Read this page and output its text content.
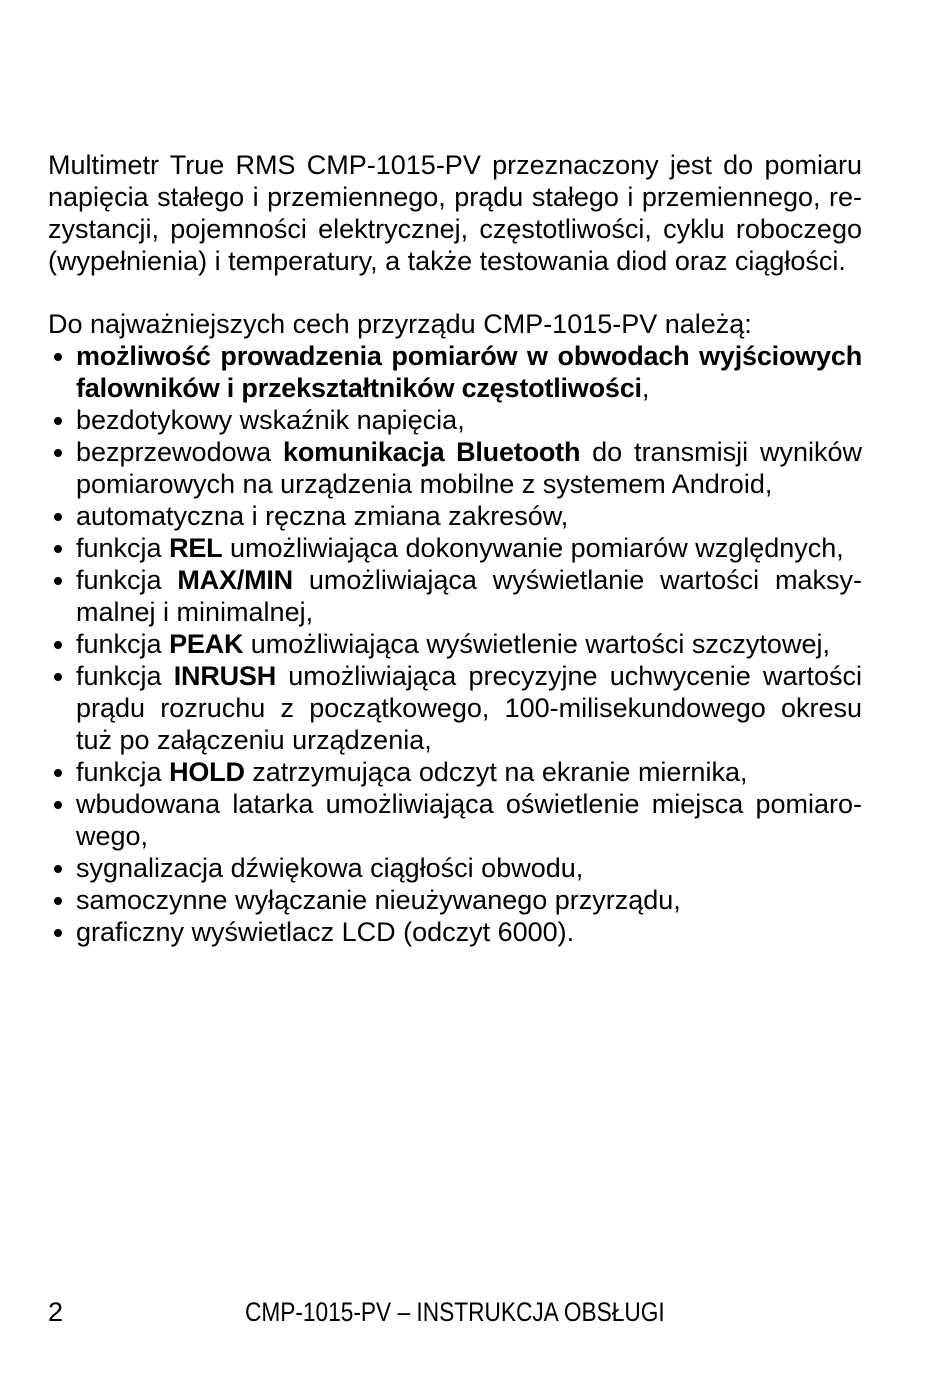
Multimetr True RMS CMP-1015-PV przeznaczony jest do pomiaru
napięcia stałego i przemiennego, prądu stałego i przemiennego, re-
zystancji, pojemności elektrycznej, częstotliwości, cyklu roboczego
(wypełnienia) i temperatury, a także testowania diod oraz ciągłości.
Do najważniejszych cech przyrządu CMP-1015-PV należą:
możliwość prowadzenia pomiarów w obwodach wyjściowych
falowników i przekształtników częstotliwości,
bezdotykowy wskaźnik napięcia,
bezprzewodowa komunikacja Bluetooth do transmisji wyników
pomiarowych na urządzenia mobilne z systemem Android,
automatyczna i ręczna zmiana zakresów,
funkcja REL umożliwiająca dokonywanie pomiarów względnych,
funkcja MAX/MIN umożliwiająca wyświetlanie wartości maksy-
malnej i minimalnej,
funkcja PEAK umożliwiająca wyświetlenie wartości szczytowej,
funkcja INRUSH umożliwiająca precyzyjne uchwycenie wartości
prądu rozruchu z początkowego, 100-milisekundowego okresu
tuż po załączeniu urządzenia,
funkcja HOLD zatrzymująca odczyt na ekranie miernika,
wbudowana latarka umożliwiająca oświetlenie miejsca pomiaro-
wego,
sygnalizacja dźwiękowa ciągłości obwodu,
samoczynne wyłączanie nieużywanego przyrządu,
graficzny wyświetlacz LCD (odczyt 6000).
2	CMP-1015-PV – INSTRUKCJA OBSŁUGI
